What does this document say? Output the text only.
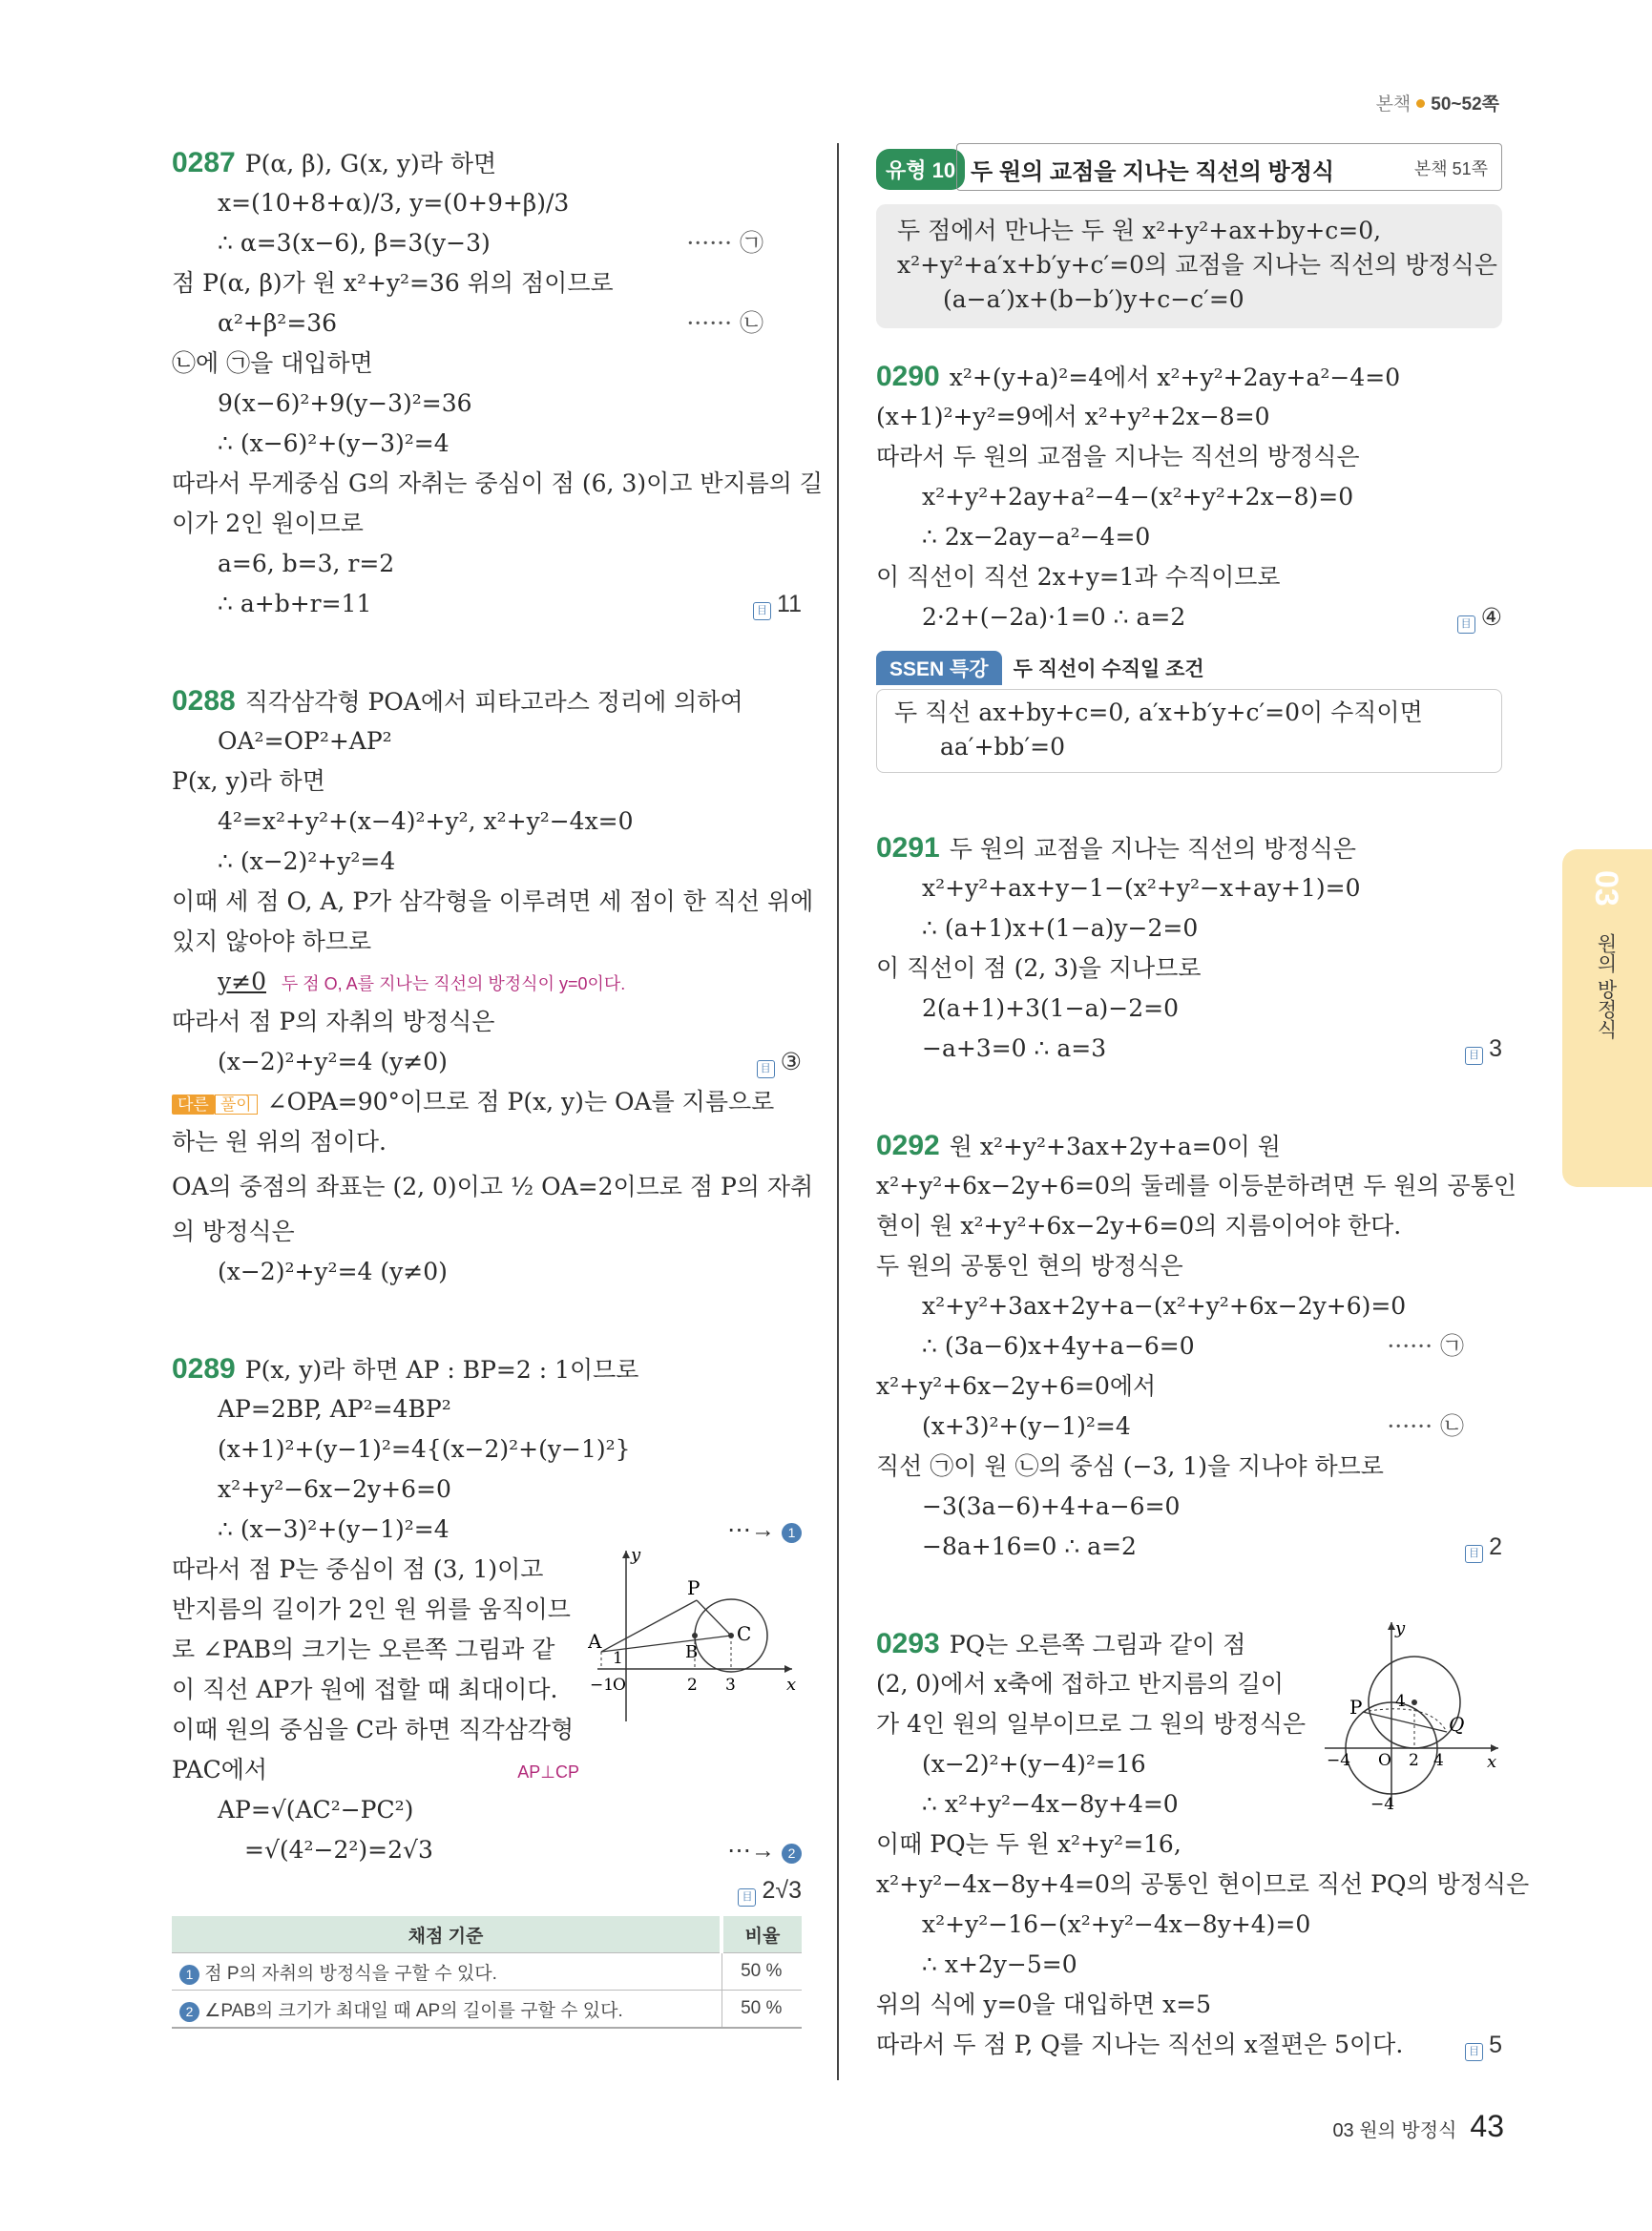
본책 50~52쪽
0287 P(α, β), G(x, y)라 하면
x=(10+8+α)/3, y=(0+9+β)/3
∴ α=3(x−6), β=3(y−3)	······ ㉠
점 P(α, β)가 원 x²+y²=36 위의 점이므로
α²+β²=36	······ ㉡
㉡에 ㉠을 대입하면
9(x−6)²+9(y−3)²=36
∴ (x−6)²+(y−3)²=4
따라서 무게중심 G의 자취는 중심이 점 (6, 3)이고 반지름의 길
이가 2인 원이므로
a=6, b=3, r=2
∴ a+b+r=11	目 11
0288 직각삼각형 POA에서 피타고라스 정리에 의하여
OA²=OP²+AP²
P(x, y)라 하면
4²=x²+y²+(x−4)²+y², x²+y²−4x=0
∴ (x−2)²+y²=4
이때 세 점 O, A, P가 삼각형을 이루려면 세 점이 한 직선 위에
있지 않아야 하므로
y≠0 두 점 O, A를 지나는 직선의 방정식이 y=0이다.
따라서 점 P의 자취의 방정식은
(x−2)²+y²=4 (y≠0)	目 ③
다른 풀이 ∠OPA=90°이므로 점 P(x, y)는 OA를 지름으로
하는 원 위의 점이다.
OA의 중점의 좌표는 (2, 0)이고 ½ OA=2이므로 점 P의 자취
의 방정식은
(x−2)²+y²=4 (y≠0)
0289 P(x, y)라 하면 AP : BP=2 : 1이므로
AP=2BP, AP²=4BP²
(x+1)²+(y−1)²=4{(x−2)²+(y−1)²}
x²+y²−6x−2y+6=0
∴ (x−3)²+(y−1)²=4	⋯→ 1
따라서 점 P는 중심이 점 (3, 1)이고
반지름의 길이가 2인 원 위를 움직이므
로 ∠PAB의 크기는 오른쪽 그림과 같
이 직선 AP가 원에 접할 때 최대이다.
이때 원의 중심을 C라 하면 직각삼각형
PAC에서	AP⊥CP
AP=√(AC²−PC²)
=√(4²−2²)=2√3	⋯→ 2
目 2√3
y
P
A	B
C
1
−1
O	2 3	x
채점 기준	비율
1 점 P의 자취의 방정식을 구할 수 있다.	50 %
2 ∠PAB의 크기가 최대일 때 AP의 길이를 구할 수 있다.	50 %
유형 10 두 원의 교점을 지나는 직선의 방정식	본책 51쪽
두 점에서 만나는 두 원 x²+y²+ax+by+c=0,
x²+y²+a′x+b′y+c′=0의 교점을 지나는 직선의 방정식은
(a−a′)x+(b−b′)y+c−c′=0
0290 x²+(y+a)²=4에서 x²+y²+2ay+a²−4=0
(x+1)²+y²=9에서 x²+y²+2x−8=0
따라서 두 원의 교점을 지나는 직선의 방정식은
x²+y²+2ay+a²−4−(x²+y²+2x−8)=0
∴ 2x−2ay−a²−4=0
이 직선이 직선 2x+y=1과 수직이므로
2·2+(−2a)·1=0 ∴ a=2	目 ④
SSEN 특강 두 직선이 수직일 조건
두 직선 ax+by+c=0, a′x+b′y+c′=0이 수직이면
aa′+bb′=0
0291 두 원의 교점을 지나는 직선의 방정식은
x²+y²+ax+y−1−(x²+y²−x+ay+1)=0
∴ (a+1)x+(1−a)y−2=0
이 직선이 점 (2, 3)을 지나므로
2(a+1)+3(1−a)−2=0
−a+3=0 ∴ a=3	目 3
0292 원 x²+y²+3ax+2y+a=0이 원
x²+y²+6x−2y+6=0의 둘레를 이등분하려면 두 원의 공통인
현이 원 x²+y²+6x−2y+6=0의 지름이어야 한다.
두 원의 공통인 현의 방정식은
x²+y²+3ax+2y+a−(x²+y²+6x−2y+6)=0
∴ (3a−6)x+4y+a−6=0	······ ㉠
x²+y²+6x−2y+6=0에서
(x+3)²+(y−1)²=4	······ ㉡
직선 ㉠이 원 ㉡의 중심 (−3, 1)을 지나야 하므로
−3(3a−6)+4+a−6=0
−8a+16=0 ∴ a=2	目 2
0293 PQ는 오른쪽 그림과 같이 점
(2, 0)에서 x축에 접하고 반지름의 길이
가 4인 원의 일부이므로 그 원의 방정식은
(x−2)²+(y−4)²=16
∴ x²+y²−4x−8y+4=0
이때 PQ는 두 원 x²+y²=16,
x²+y²−4x−8y+4=0의 공통인 현이므로 직선 PQ의 방정식은
x²+y²−16−(x²+y²−4x−8y+4)=0
∴ x+2y−5=0
위의 식에 y=0을 대입하면 x=5
따라서 두 점 P, Q를 지나는 직선의 x절편은 5이다.	目 5
y
P
Q
4
−4 O 2 4	x
−4
03
원의 방정식
03 원의 방정식 43
